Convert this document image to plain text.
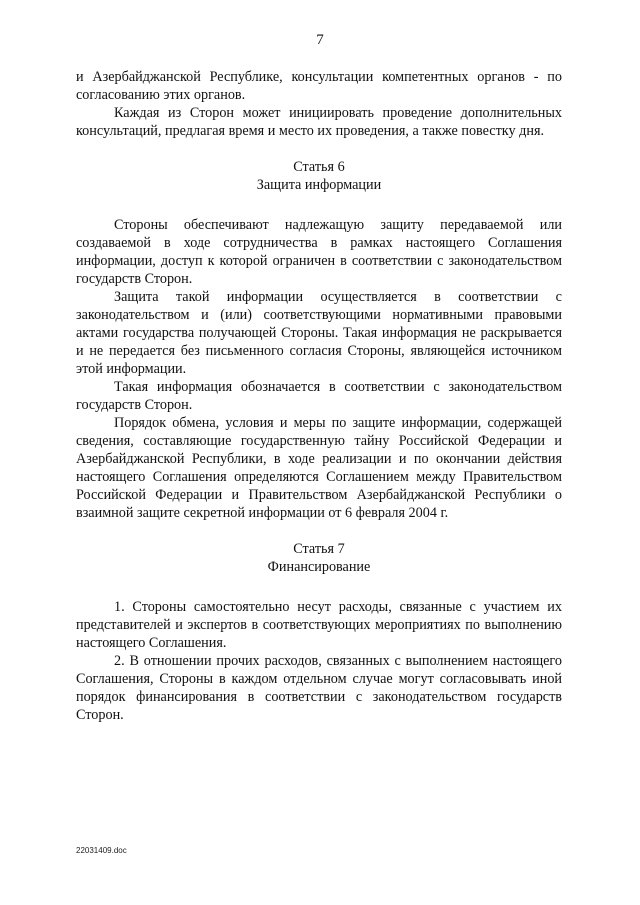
7

и Азербайджанской Республике, консультации компетентных органов - по согласованию этих органов.

Каждая из Сторон может инициировать проведение дополнительных консультаций, предлагая время и место их проведения, а также повестку дня.

Статья 6

Защита информации

Стороны обеспечивают надлежащую защиту передаваемой или создаваемой в ходе сотрудничества в рамках настоящего Соглашения информации, доступ к которой ограничен в соответствии с законодательством государств Сторон.

Защита такой информации осуществляется в соответствии с законодательством и (или) соответствующими нормативными правовыми актами государства получающей Стороны. Такая информация не раскрывается и не передается без письменного согласия Стороны, являющейся источником этой информации.

Такая информация обозначается в соответствии с законодательством государств Сторон.

Порядок обмена, условия и меры по защите информации, содержащей сведения, составляющие государственную тайну Российской Федерации и Азербайджанской Республики, в ходе реализации и по окончании действия настоящего Соглашения определяются Соглашением между Правительством Российской Федерации и Правительством Азербайджанской Республики о взаимной защите секретной информации от 6 февраля 2004 г.

Статья 7

Финансирование

1. Стороны самостоятельно несут расходы, связанные с участием их представителей и экспертов в соответствующих мероприятиях по выполнению настоящего Соглашения.

2. В отношении прочих расходов, связанных с выполнением настоящего Соглашения, Стороны в каждом отдельном случае могут согласовывать иной порядок финансирования в соответствии с законодательством государств Сторон.

22031409.doc
